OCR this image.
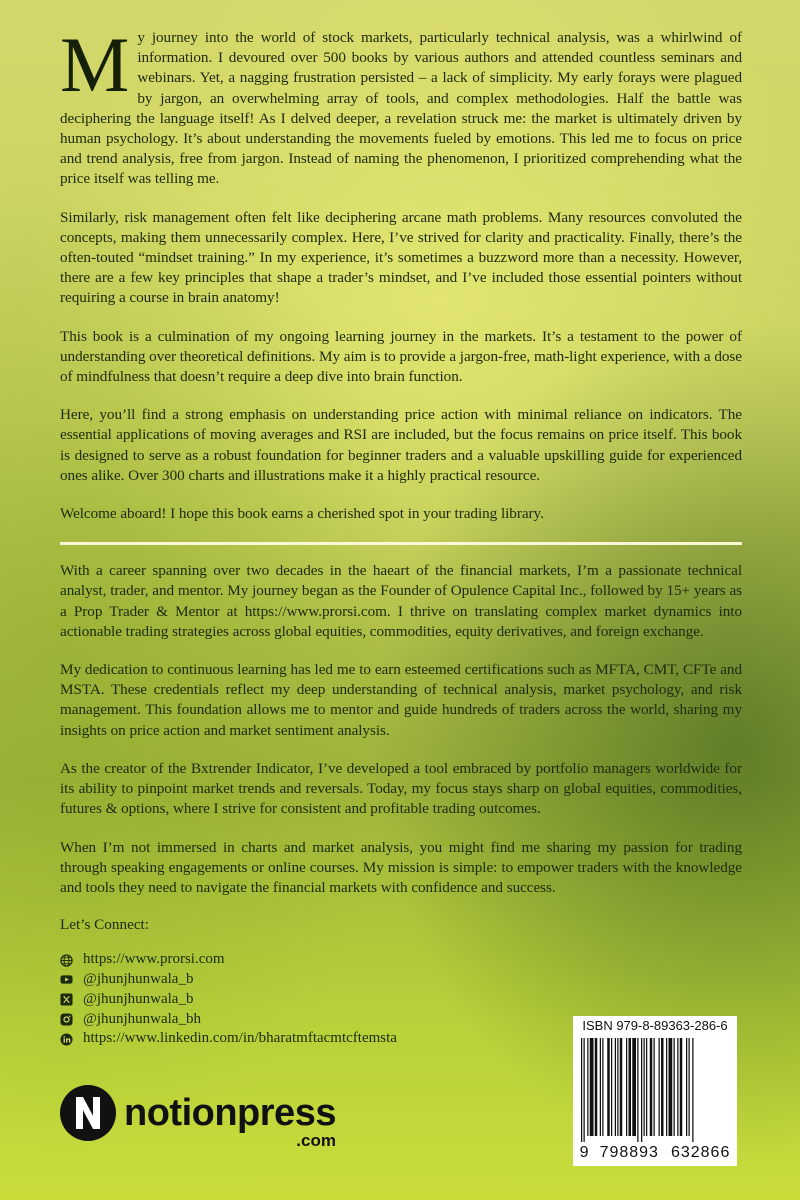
My journey into the world of stock markets, particularly technical analysis, was a whirlwind of information. I devoured over 500 books by various authors and attended countless seminars and webinars. Yet, a nagging frustration persisted – a lack of simplicity. My early forays were plagued by jargon, an overwhelming array of tools, and complex methodologies. Half the battle was deciphering the language itself! As I delved deeper, a revelation struck me: the market is ultimately driven by human psychology. It’s about understanding the movements fueled by emotions. This led me to focus on price and trend analysis, free from jargon. Instead of naming the phenomenon, I prioritized comprehending what the price itself was telling me.

Similarly, risk management often felt like deciphering arcane math problems. Many resources convoluted the concepts, making them unnecessarily complex. Here, I’ve strived for clarity and practicality. Finally, there’s the often-touted “mindset training.” In my experience, it’s sometimes a buzzword more than a necessity. However, there are a few key principles that shape a trader’s mindset, and I’ve included those essential pointers without requiring a course in brain anatomy!

This book is a culmination of my ongoing learning journey in the markets. It’s a testament to the power of understanding over theoretical definitions. My aim is to provide a jargon-free, math-light experience, with a dose of mindfulness that doesn’t require a deep dive into brain function.

Here, you’ll find a strong emphasis on understanding price action with minimal reliance on indicators. The essential applications of moving averages and RSI are included, but the focus remains on price itself. This book is designed to serve as a robust foundation for beginner traders and a valuable upskilling guide for experienced ones alike. Over 300 charts and illustrations make it a highly practical resource.

Welcome aboard! I hope this book earns a cherished spot in your trading library.

With a career spanning over two decades in the haeart of the financial markets, I’m a passionate technical analyst, trader, and mentor. My journey began as the Founder of Opulence Capital Inc., followed by 15+ years as a Prop Trader & Mentor at https://www.prorsi.com. I thrive on translating complex market dynamics into actionable trading strategies across global equities, commodities, equity derivatives, and foreign exchange.

My dedication to continuous learning has led me to earn esteemed certifications such as MFTA, CMT, CFTe and MSTA. These credentials reflect my deep understanding of technical analysis, market psychology, and risk management. This foundation allows me to mentor and guide hundreds of traders across the world, sharing my insights on price action and market sentiment analysis.

As the creator of the Bxtrender Indicator, I’ve developed a tool embraced by portfolio managers worldwide for its ability to pinpoint market trends and reversals. Today, my focus stays sharp on global equities, commodities, futures & options, where I strive for consistent and profitable trading outcomes.

When I’m not immersed in charts and market analysis, you might find me sharing my passion for trading through speaking engagements or online courses. My mission is simple: to empower traders with the knowledge and tools they need to navigate the financial markets with confidence and success.

Let’s Connect:
https://www.prorsi.com
@jhunjhunwala_b
@jhunjhunwala_b
@jhunjhunwala_bh
https://www.linkedin.com/in/bharatmftacmtcftemsta
ISBN 979-8-89363-286-6
9 798893 632866
notionpress
.com
